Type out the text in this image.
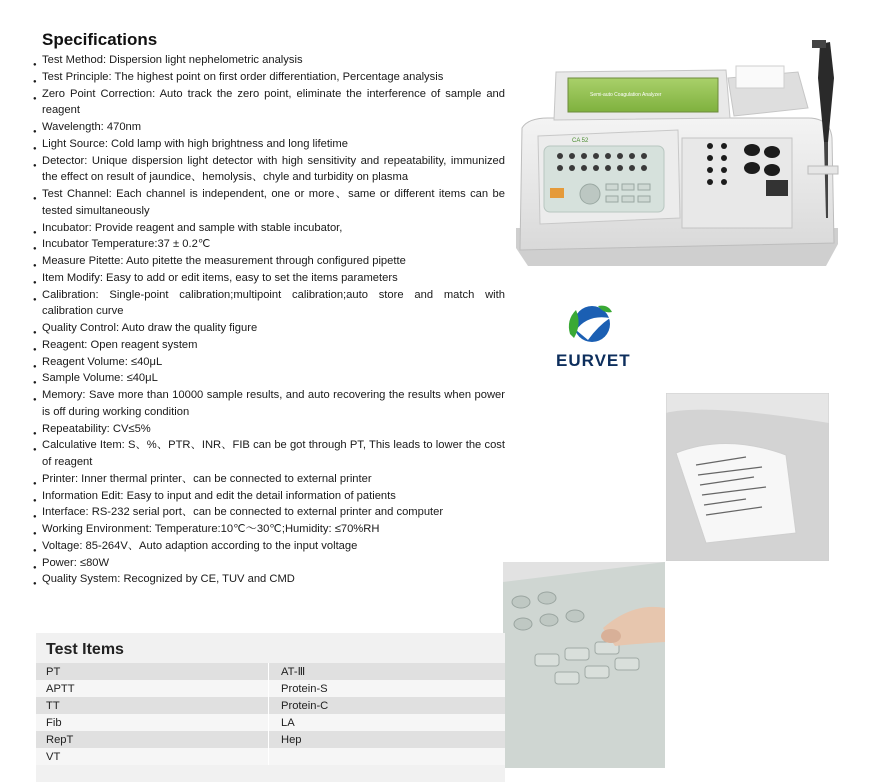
Specifications
● Test Method: Dispersion light nephelometric analysis
● Test Principle: The highest point on first order differentiation, Percentage analysis
● Zero Point Correction: Auto track the zero point, eliminate the interference of sample and reagent
● Wavelength: 470nm
● Light Source: Cold lamp with high brightness and long lifetime
● Detector: Unique dispersion light detector with high sensitivity and repeatability, immunized the effect on result of jaundice、hemolysis、chyle and turbidity on plasma
● Test Channel: Each channel is independent, one or more、same or different items can be tested simultaneously
● Incubator: Provide reagent and sample with stable incubator,
● Incubator Temperature:37 ± 0.2℃
● Measure Pitette: Auto pitette the measurement through configured pipette
● Item Modify: Easy to add or edit items, easy to set the items parameters
● Calibration: Single-point calibration;multipoint calibration;auto store and match with calibration curve
● Quality Control: Auto draw the quality figure
● Reagent: Open reagent system
● Reagent Volume: ≤40μL
● Sample Volume: ≤40μL
● Memory: Save more than 10000 sample results, and auto recovering the results when power is off during working condition
● Repeatability: CV≤5%
● Calculative Item: S、%、PTR、INR、FIB can be got through PT, This leads to lower the cost of reagent
● Printer: Inner thermal printer、can be connected to external printer
● Information Edit: Easy to input and edit the detail information of patients
● Interface: RS-232 serial port、can be connected to external printer and computer
● Working Environment: Temperature:10℃～30℃;Humidity: ≤70%RH
● Voltage: 85-264V、Auto adaption according to the input voltage
● Power: ≤80W
● Quality System: Recognized by CE, TUV and CMD
Semi-auto Coagulation Analyzer
CA 52
EURVET
Test Items
PT	AT-Ⅲ
APTT	Protein-S
TT	Protein-C
Fib	LA
RepT	Hep
VT	
